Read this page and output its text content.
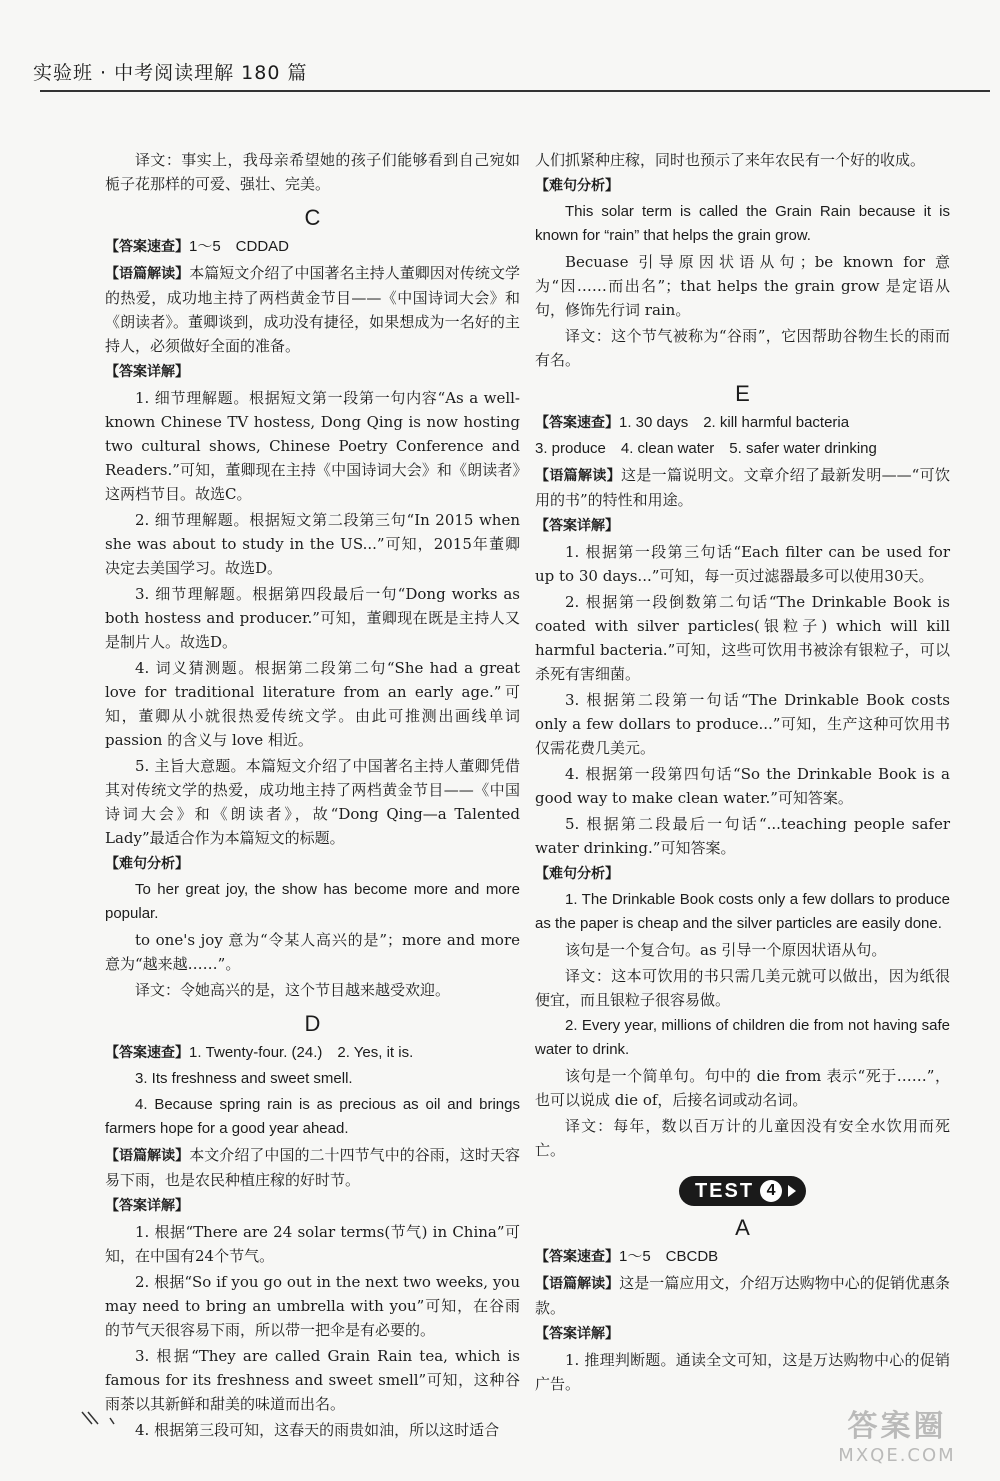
实验班 · 中考阅读理解 180 篇

译文：事实上，我母亲希望她的孩子们能够看到自己宛如栀子花那样的可爱、强壮、完美。

C

【答案速查】1～5　CDDAD

【语篇解读】本篇短文介绍了中国著名主持人董卿因对传统文学的热爱，成功地主持了两档黄金节目——《中国诗词大会》和《朗读者》。董卿谈到，成功没有捷径，如果想成为一名好的主持人，必须做好全面的准备。

【答案详解】

1. 细节理解题。根据短文第一段第一句内容“As a well-known Chinese TV hostess, Dong Qing is now hosting two cultural shows, Chinese Poetry Conference and Readers.”可知，董卿现在主持《中国诗词大会》和《朗读者》这两档节目。故选C。

2. 细节理解题。根据短文第二段第三句“In 2015 when she was about to study in the US...”可知，2015年董卿决定去美国学习。故选D。

3. 细节理解题。根据第四段最后一句“Dong works as both hostess and producer.”可知，董卿现在既是主持人又是制片人。故选D。

4. 词义猜测题。根据第二段第二句“She had a great love for traditional literature from an early age.”可知，董卿从小就很热爱传统文学。由此可推测出画线单词 passion 的含义与 love 相近。

5. 主旨大意题。本篇短文介绍了中国著名主持人董卿凭借其对传统文学的热爱，成功地主持了两档黄金节目——《中国诗词大会》和《朗读者》，故“Dong Qing—a Talented Lady”最适合作为本篇短文的标题。

【难句分析】

To her great joy, the show has become more and more popular.

to one's joy 意为“令某人高兴的是”；more and more 意为“越来越……”。

译文：令她高兴的是，这个节目越来越受欢迎。

D

【答案速查】1. Twenty-four. (24.)　2. Yes, it is.

3. Its freshness and sweet smell.

4. Because spring rain is as precious as oil and brings farmers hope for a good year ahead.

【语篇解读】本文介绍了中国的二十四节气中的谷雨，这时天容易下雨，也是农民种植庄稼的好时节。

【答案详解】

1. 根据“There are 24 solar terms(节气) in China”可知，在中国有24个节气。

2. 根据“So if you go out in the next two weeks, you may need to bring an umbrella with you”可知，在谷雨的节气天很容易下雨，所以带一把伞是有必要的。

3. 根据“They are called Grain Rain tea, which is famous for its freshness and sweet smell”可知，这种谷雨茶以其新鲜和甜美的味道而出名。

4. 根据第三段可知，这春天的雨贵如油，所以这时适合

人们抓紧种庄稼，同时也预示了来年农民有一个好的收成。

【难句分析】

This solar term is called the Grain Rain because it is known for “rain” that helps the grain grow.

Becuase 引导原因状语从句；be known for 意为“因……而出名”；that helps the grain grow 是定语从句，修饰先行词 rain。

译文：这个节气被称为“谷雨”，它因帮助谷物生长的雨而有名。

E

【答案速查】1. 30 days　2. kill harmful bacteria

3. produce　4. clean water　5. safer water drinking

【语篇解读】这是一篇说明文。文章介绍了最新发明——“可饮用的书”的特性和用途。

【答案详解】

1. 根据第一段第三句话“Each filter can be used for up to 30 days...”可知，每一页过滤器最多可以使用30天。

2. 根据第一段倒数第二句话“The Drinkable Book is coated with silver particles(银粒子) which will kill harmful bacteria.”可知，这些可饮用书被涂有银粒子，可以杀死有害细菌。

3. 根据第二段第一句话“The Drinkable Book costs only a few dollars to produce...”可知，生产这种可饮用书仅需花费几美元。

4. 根据第一段第四句话“So the Drinkable Book is a good way to make clean water.”可知答案。

5. 根据第二段最后一句话“...teaching people safer water drinking.”可知答案。

【难句分析】

1. The Drinkable Book costs only a few dollars to produce as the paper is cheap and the silver particles are easily done.

该句是一个复合句。as 引导一个原因状语从句。

译文：这本可饮用的书只需几美元就可以做出，因为纸很便宜，而且银粒子很容易做。

2. Every year, millions of children die from not having safe water to drink.

该句是一个简单句。句中的 die from 表示“死于……”，也可以说成 die of，后接名词或动名词。

译文：每年，数以百万计的儿童因没有安全水饮用而死亡。

TEST 4
A

【答案速查】1～5　CBCDB

【语篇解读】这是一篇应用文，介绍万达购物中心的促销优惠条款。

【答案详解】

1. 推理判断题。通读全文可知，这是万达购物中心的促销广告。

答案圈
MXQE.COM
